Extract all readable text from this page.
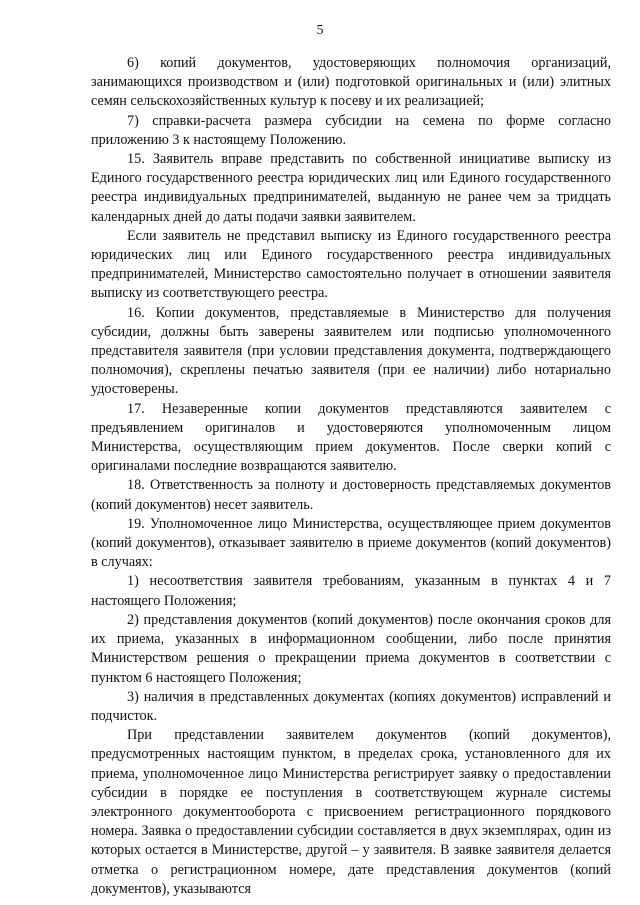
5

6) копий документов, удостоверяющих полномочия организаций, занимающихся производством и (или) подготовкой оригинальных и (или) элитных семян сельскохозяйственных культур к посеву и их реализацией;

7) справки-расчета размера субсидии на семена по форме согласно приложению 3 к настоящему Положению.

15. Заявитель вправе представить по собственной инициативе выписку из Единого государственного реестра юридических лиц или Единого государственного реестра индивидуальных предпринимателей, выданную не ранее чем за тридцать календарных дней до даты подачи заявки заявителем.

Если заявитель не представил выписку из Единого государственного реестра юридических лиц или Единого государственного реестра индивидуальных предпринимателей, Министерство самостоятельно получает в отношении заявителя выписку из соответствующего реестра.

16. Копии документов, представляемые в Министерство для получения субсидии, должны быть заверены заявителем или подписью уполномоченного представителя заявителя (при условии представления документа, подтверждающего полномочия), скреплены печатью заявителя (при ее наличии) либо нотариально удостоверены.

17. Незаверенные копии документов представляются заявителем с предъявлением оригиналов и удостоверяются уполномоченным лицом Министерства, осуществляющим прием документов. После сверки копий с оригиналами последние возвращаются заявителю.

18. Ответственность за полноту и достоверность представляемых документов (копий документов) несет заявитель.

19. Уполномоченное лицо Министерства, осуществляющее прием документов (копий документов), отказывает заявителю в приеме документов (копий документов) в случаях:

1) несоответствия заявителя требованиям, указанным в пунктах 4 и 7 настоящего Положения;

2) представления документов (копий документов) после окончания сроков для их приема, указанных в информационном сообщении, либо после принятия Министерством решения о прекращении приема документов в соответствии с пунктом 6 настоящего Положения;

3) наличия в представленных документах (копиях документов) исправлений и подчисток.

При представлении заявителем документов (копий документов), предусмотренных настоящим пунктом, в пределах срока, установленного для их приема, уполномоченное лицо Министерства регистрирует заявку о предоставлении субсидии в порядке ее поступления в соответствующем журнале системы электронного документооборота с присвоением регистрационного порядкового номера. Заявка о предоставлении субсидии составляется в двух экземплярах, один из которых остается в Министерстве, другой – у заявителя. В заявке заявителя делается отметка о регистрационном номере, дате представления документов (копий документов), указываются
